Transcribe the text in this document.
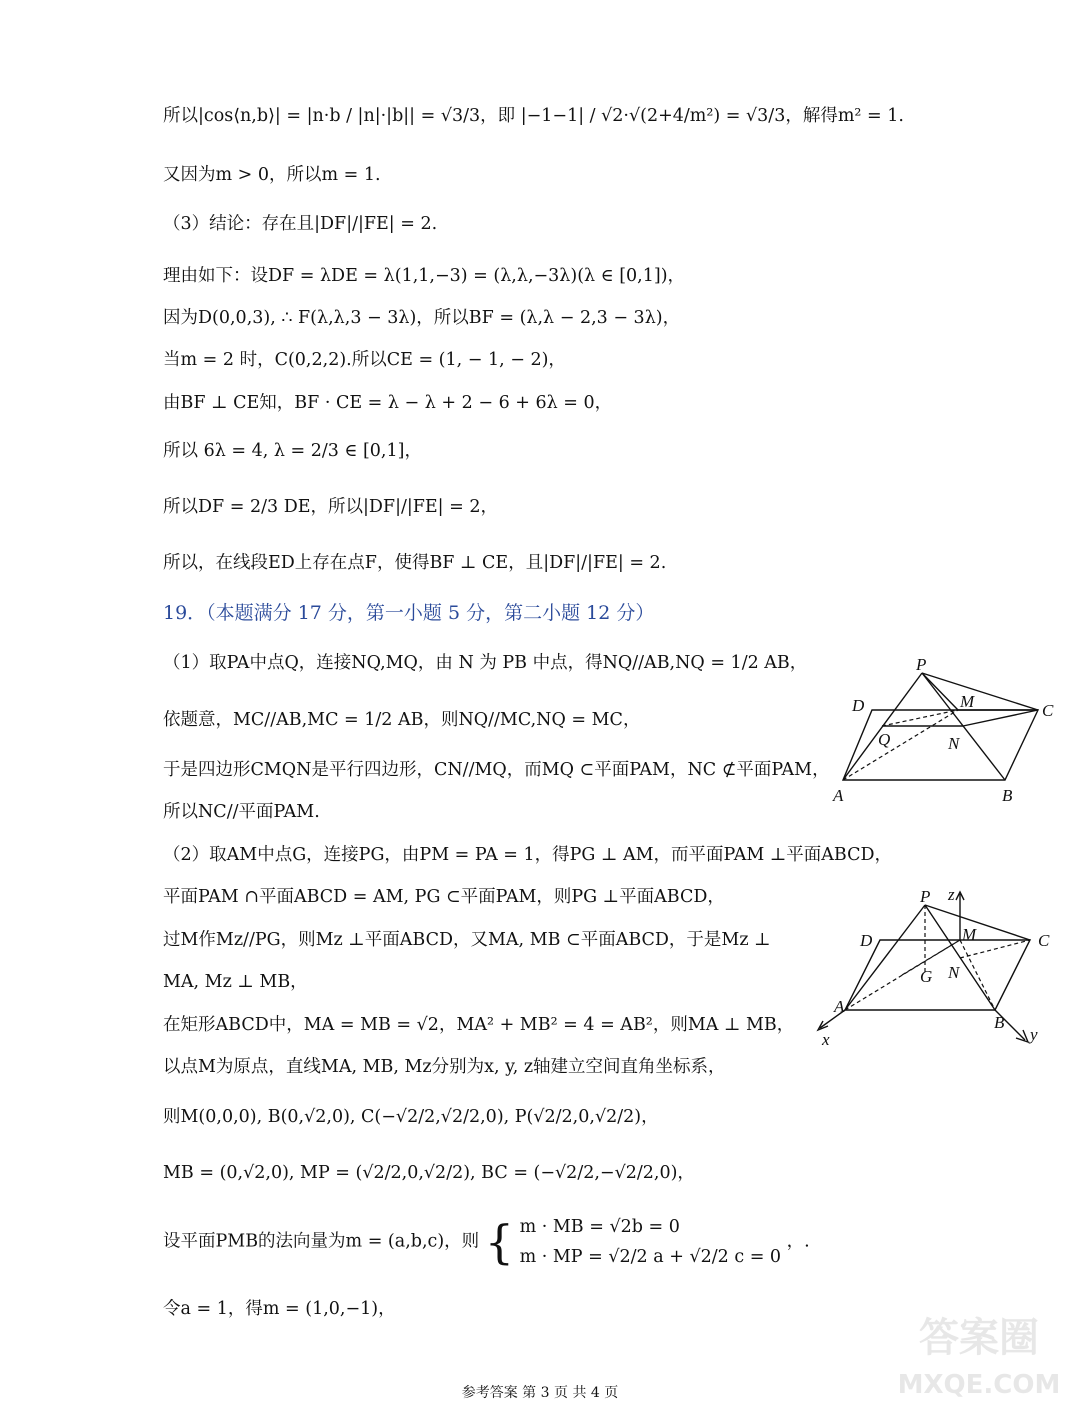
所以|cos⟨n,b⟩| = |n·b / |n|·|b|| = √3/3，即 |−1−1| / √2·√(2+4/m²) = √3/3，解得m² = 1.
又因为m > 0，所以m = 1.
（3）结论：存在且|DF|/|FE| = 2.
理由如下：设DF = λDE = λ(1,1,−3) = (λ,λ,−3λ)(λ ∈ [0,1])，
因为D(0,0,3), ∴ F(λ,λ,3 − 3λ)，所以BF = (λ,λ − 2,3 − 3λ)，
当m = 2 时，C(0,2,2).所以CE = (1, − 1, − 2)，
由BF ⊥ CE知，BF · CE = λ − λ + 2 − 6 + 6λ = 0，
所以 6λ = 4, λ = 2/3 ∈ [0,1]，
所以DF = 2/3 DE，所以|DF|/|FE| = 2，
所以，在线段ED上存在点F，使得BF ⊥ CE，且|DF|/|FE| = 2.
19．（本题满分 17 分，第一小题 5 分，第二小题 12 分）
（1）取PA中点Q，连接NQ,MQ，由 N 为 PB 中点，得NQ//AB,NQ = 1/2 AB，
依题意，MC//AB,MC = 1/2 AB，则NQ//MC,NQ = MC，
于是四边形CMQN是平行四边形，CN//MQ，而MQ ⊂平面PAM，NC ⊄平面PAM，
所以NC//平面PAM.
（2）取AM中点G，连接PG，由PM = PA = 1，得PG ⊥ AM，而平面PAM ⊥平面ABCD，
平面PAM ∩平面ABCD = AM, PG ⊂平面PAM，则PG ⊥平面ABCD，
过M作Mz//PG，则Mz ⊥平面ABCD，又MA, MB ⊂平面ABCD，于是Mz ⊥
MA, Mz ⊥ MB，
在矩形ABCD中，MA = MB = √2，MA² + MB² = 4 = AB²，则MA ⊥ MB，
以点M为原点，直线MA, MB, Mz分别为x, y, z轴建立空间直角坐标系，
则M(0,0,0), B(0,√2,0), C(−√2/2,√2/2,0), P(√2/2,0,√2/2)，
MB = (0,√2,0), MP = (√2/2,0,√2/2), BC = (−√2/2,−√2/2,0)，
设平面PMB的法向量为m = (a,b,c)，则 { m · MB = √2b = 0
m · MP = √2/2 a + √2/2 c = 0
，.
令a = 1，得m = (1,0,−1)，
P
D	M	C
Q	N
A	B
P z
D	M	C
G N
A
B
x	y
答案圈
MXQE.COM
参考答案 第 3 页 共 4 页
